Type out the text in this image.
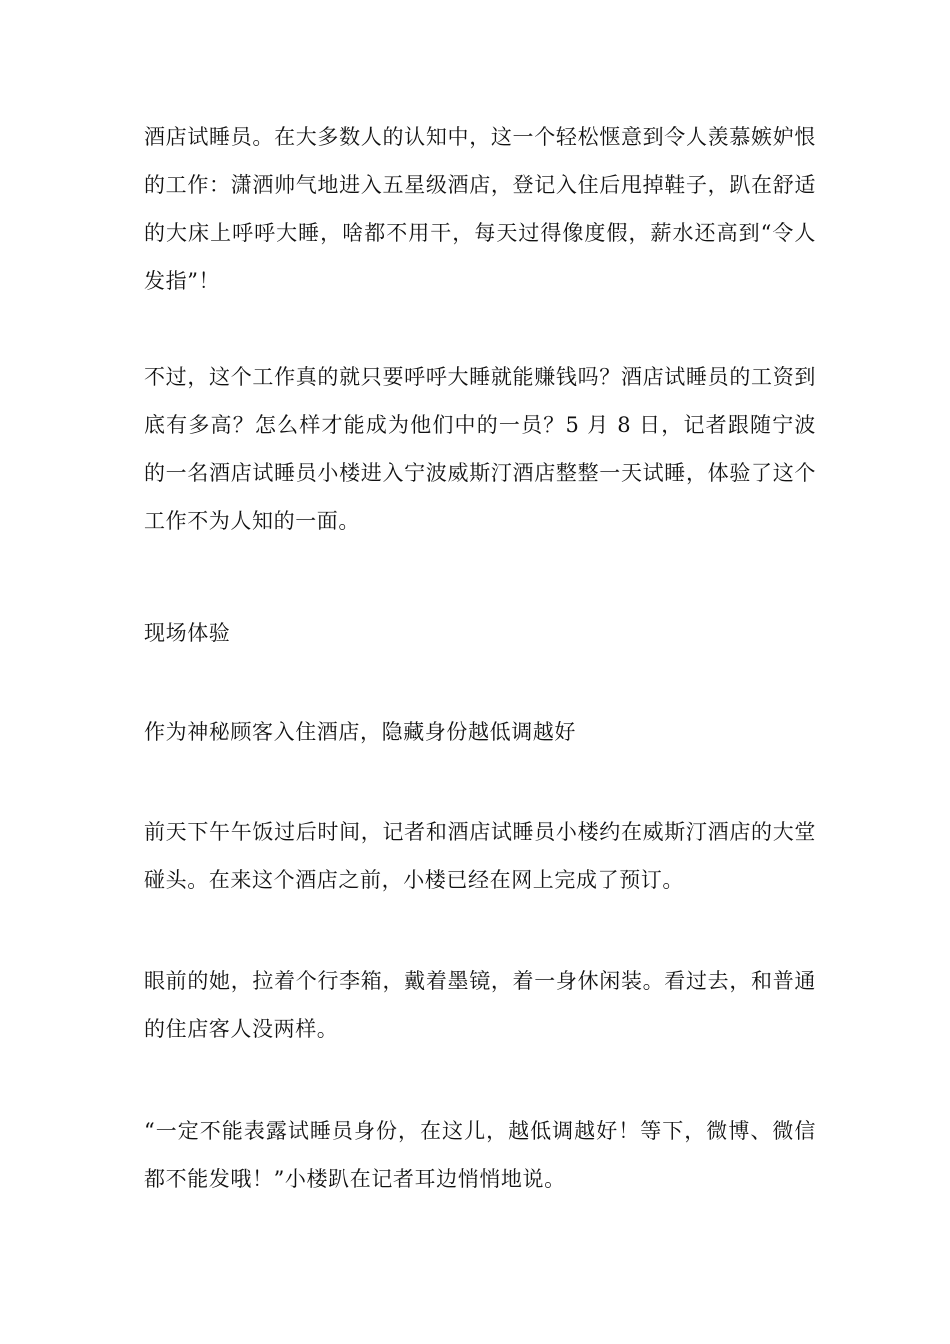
酒店试睡员。在大多数人的认知中，这一个轻松惬意到令人羡慕嫉妒恨的工作：潇洒帅气地进入五星级酒店，登记入住后甩掉鞋子，趴在舒适的大床上呼呼大睡，啥都不用干，每天过得像度假，薪水还高到“令人发指”！

不过，这个工作真的就只要呼呼大睡就能赚钱吗？酒店试睡员的工资到底有多高？怎么样才能成为他们中的一员？5 月 8 日，记者跟随宁波的一名酒店试睡员小楼进入宁波威斯汀酒店整整一天试睡，体验了这个工作不为人知的一面。

现场体验

作为神秘顾客入住酒店，隐藏身份越低调越好

前天下午午饭过后时间，记者和酒店试睡员小楼约在威斯汀酒店的大堂碰头。在来这个酒店之前，小楼已经在网上完成了预订。

眼前的她，拉着个行李箱，戴着墨镜，着一身休闲装。看过去，和普通的住店客人没两样。

“一定不能表露试睡员身份，在这儿，越低调越好！等下，微博、微信都不能发哦！”小楼趴在记者耳边悄悄地说。
